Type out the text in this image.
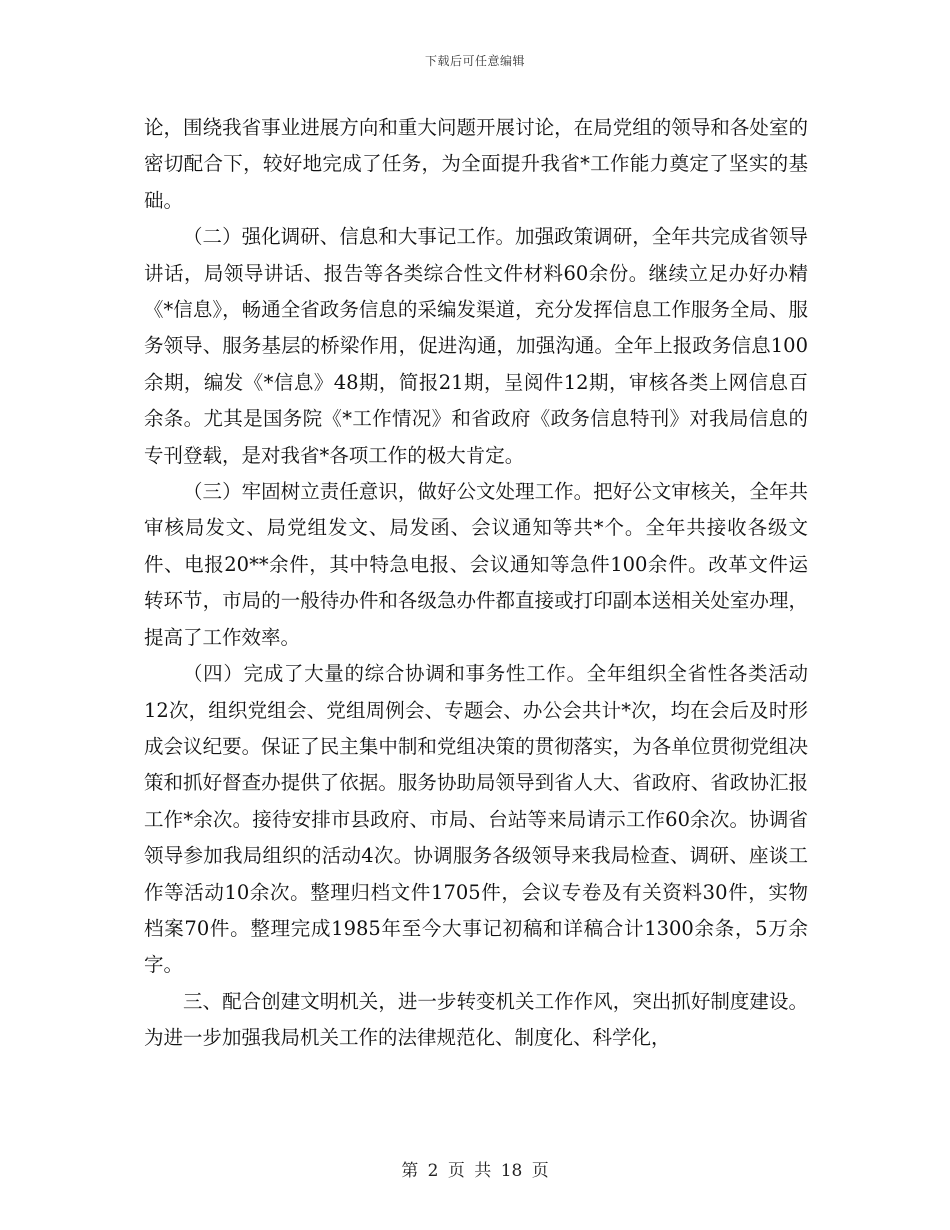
下载后可任意编辑

论，围绕我省事业进展方向和重大问题开展讨论，在局党组的领导和各处室的密切配合下，较好地完成了任务，为全面提升我省*工作能力奠定了坚实的基础。

（二）强化调研、信息和大事记工作。加强政策调研，全年共完成省领导讲话，局领导讲话、报告等各类综合性文件材料60余份。继续立足办好办精《*信息》，畅通全省政务信息的采编发渠道，充分发挥信息工作服务全局、服务领导、服务基层的桥梁作用，促进沟通，加强沟通。全年上报政务信息100余期，编发《*信息》48期，简报21期，呈阅件12期，审核各类上网信息百余条。尤其是国务院《*工作情况》和省政府《政务信息特刊》对我局信息的专刊登载，是对我省*各项工作的极大肯定。

（三）牢固树立责任意识，做好公文处理工作。把好公文审核关，全年共审核局发文、局党组发文、局发函、会议通知等共*个。全年共接收各级文件、电报20**余件，其中特急电报、会议通知等急件100余件。改革文件运转环节，市局的一般待办件和各级急办件都直接或打印副本送相关处室办理，提高了工作效率。

（四）完成了大量的综合协调和事务性工作。全年组织全省性各类活动12次，组织党组会、党组周例会、专题会、办公会共计*次，均在会后及时形成会议纪要。保证了民主集中制和党组决策的贯彻落实，为各单位贯彻党组决策和抓好督查办提供了依据。服务协助局领导到省人大、省政府、省政协汇报工作*余次。接待安排市县政府、市局、台站等来局请示工作60余次。协调省领导参加我局组织的活动4次。协调服务各级领导来我局检查、调研、座谈工作等活动10余次。整理归档文件1705件，会议专卷及有关资料30件，实物档案70件。整理完成1985年至今大事记初稿和详稿合计1300余条，5万余字。

三、配合创建文明机关，进一步转变机关工作作风，突出抓好制度建设。为进一步加强我局机关工作的法律规范化、制度化、科学化，

第 2 页 共 18 页
